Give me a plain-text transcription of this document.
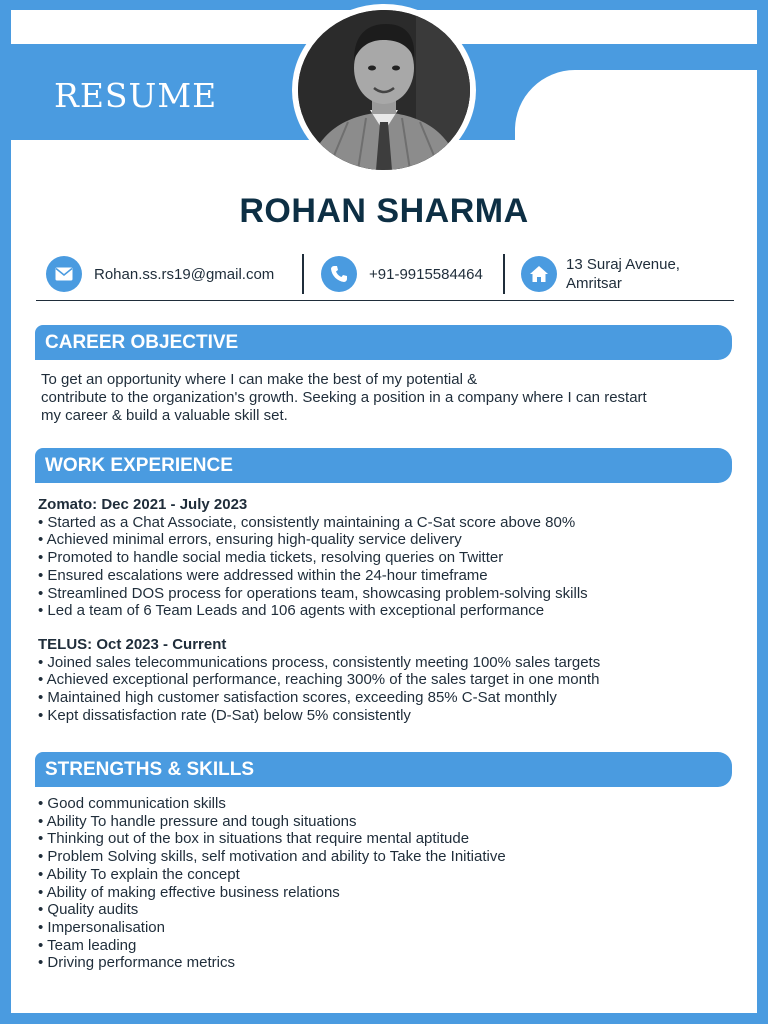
RESUME
ROHAN SHARMA
Rohan.ss.rs19@gmail.com	+91-9915584464
13 Suraj Avenue,
Amritsar
CAREER OBJECTIVE

To get an opportunity where I can make the best of my potential &

contribute to the organization's growth. Seeking a position in a company where I can restart

my career & build a valuable skill set.

WORK EXPERIENCE
Zomato: Dec 2021 - July 2023
• Started as a Chat Associate, consistently maintaining a C-Sat score above 80%
• Achieved minimal errors, ensuring high-quality service delivery
• Promoted to handle social media tickets, resolving queries on Twitter
• Ensured escalations were addressed within the 24-hour timeframe
• Streamlined DOS process for operations team, showcasing problem-solving skills
• Led a team of 6 Team Leads and 106 agents with exceptional performance
TELUS: Oct 2023 - Current
• Joined sales telecommunications process, consistently meeting 100% sales targets
• Achieved exceptional performance, reaching 300% of the sales target in one month
• Maintained high customer satisfaction scores, exceeding 85% C-Sat monthly
• Kept dissatisfaction rate (D-Sat) below 5% consistently
STRENGTHS & SKILLS
• Good communication skills
• Ability To handle pressure and tough situations
• Thinking out of the box in situations that require mental aptitude
• Problem Solving skills, self motivation and ability to Take the Initiative
• Ability To explain the concept
• Ability of making effective business relations
• Quality audits
• Impersonalisation
• Team leading
• Driving performance metrics
